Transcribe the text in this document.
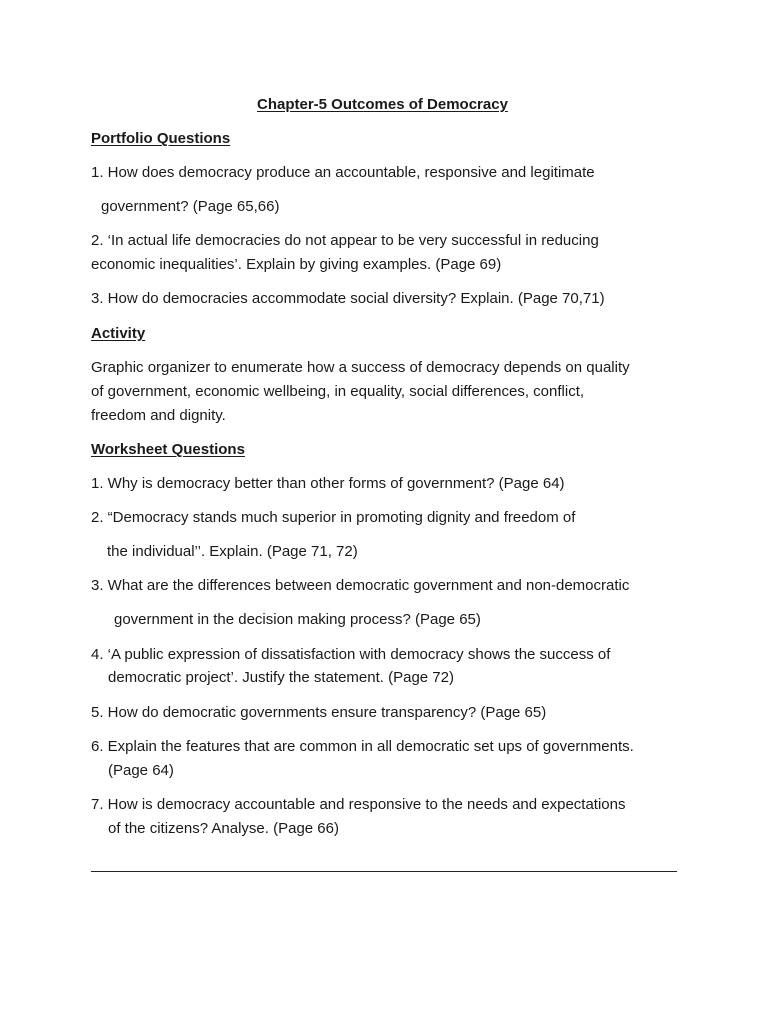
Chapter-5 Outcomes of Democracy
Portfolio Questions
1. How does democracy produce an accountable, responsive and legitimate
government? (Page 65,66)
2. ‘In actual life democracies do not appear to be very successful in reducing
economic inequalities’. Explain by giving examples. (Page 69)
3. How do democracies accommodate social diversity? Explain. (Page 70,71)
Activity
Graphic organizer to enumerate how a success of democracy depends on quality
of government, economic wellbeing, in equality, social differences, conflict,
freedom and dignity.
Worksheet Questions
1. Why is democracy better than other forms of government? (Page 64)
2. “Democracy stands much superior in promoting dignity and freedom of
the individual’’. Explain. (Page 71, 72)
3. What are the differences between democratic government and non-democratic
government in the decision making process? (Page 65)
4. ‘A public expression of dissatisfaction with democracy shows the success of
democratic project’. Justify the statement. (Page 72)
5. How do democratic governments ensure transparency? (Page 65)
6. Explain the features that are common in all democratic set ups of governments.
(Page 64)
7. How is democracy accountable and responsive to the needs and expectations
of the citizens? Analyse. (Page 66)
